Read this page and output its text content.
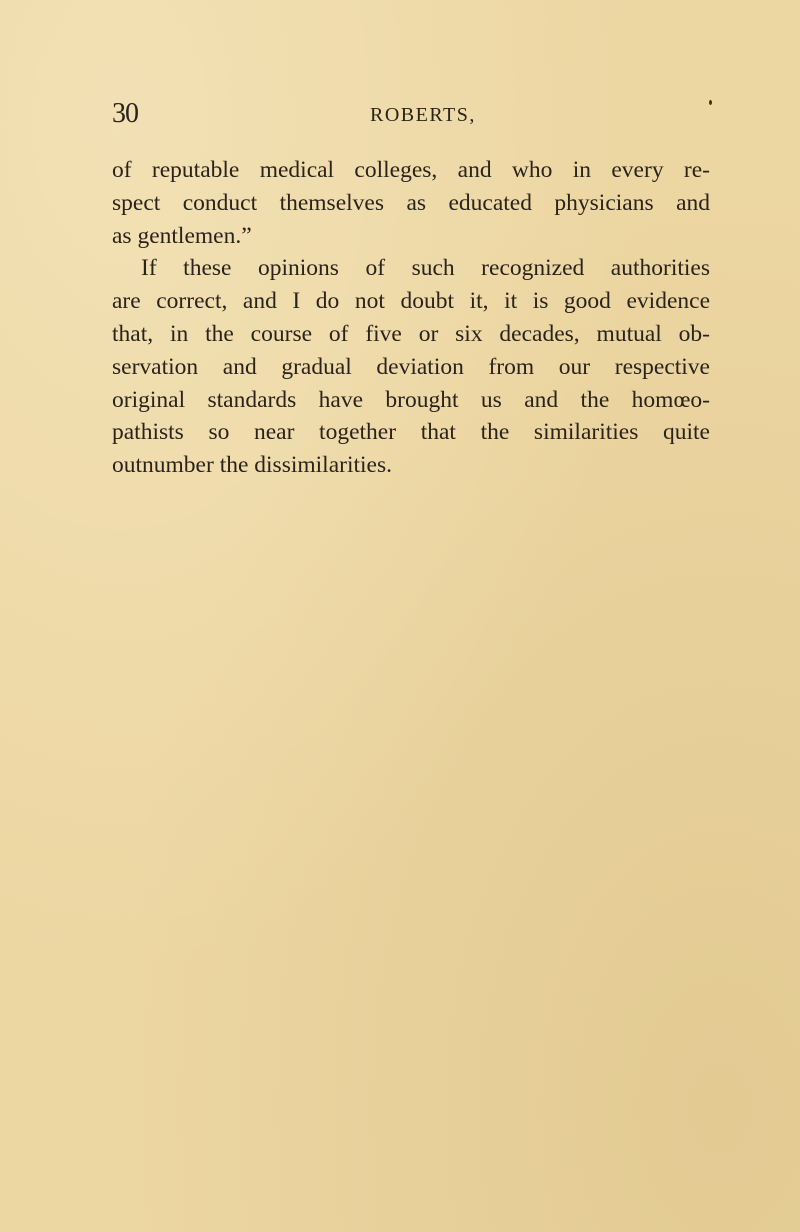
30	ROBERTS,
of reputable medical colleges, and who in every re-
spect conduct themselves as educated physicians and
as gentlemen.”
If these opinions of such recognized authorities
are correct, and I do not doubt it, it is good evidence
that, in the course of five or six decades, mutual ob-
servation and gradual deviation from our respective
original standards have brought us and the homœo-
pathists so near together that the similarities quite
outnumber the dissimilarities.
